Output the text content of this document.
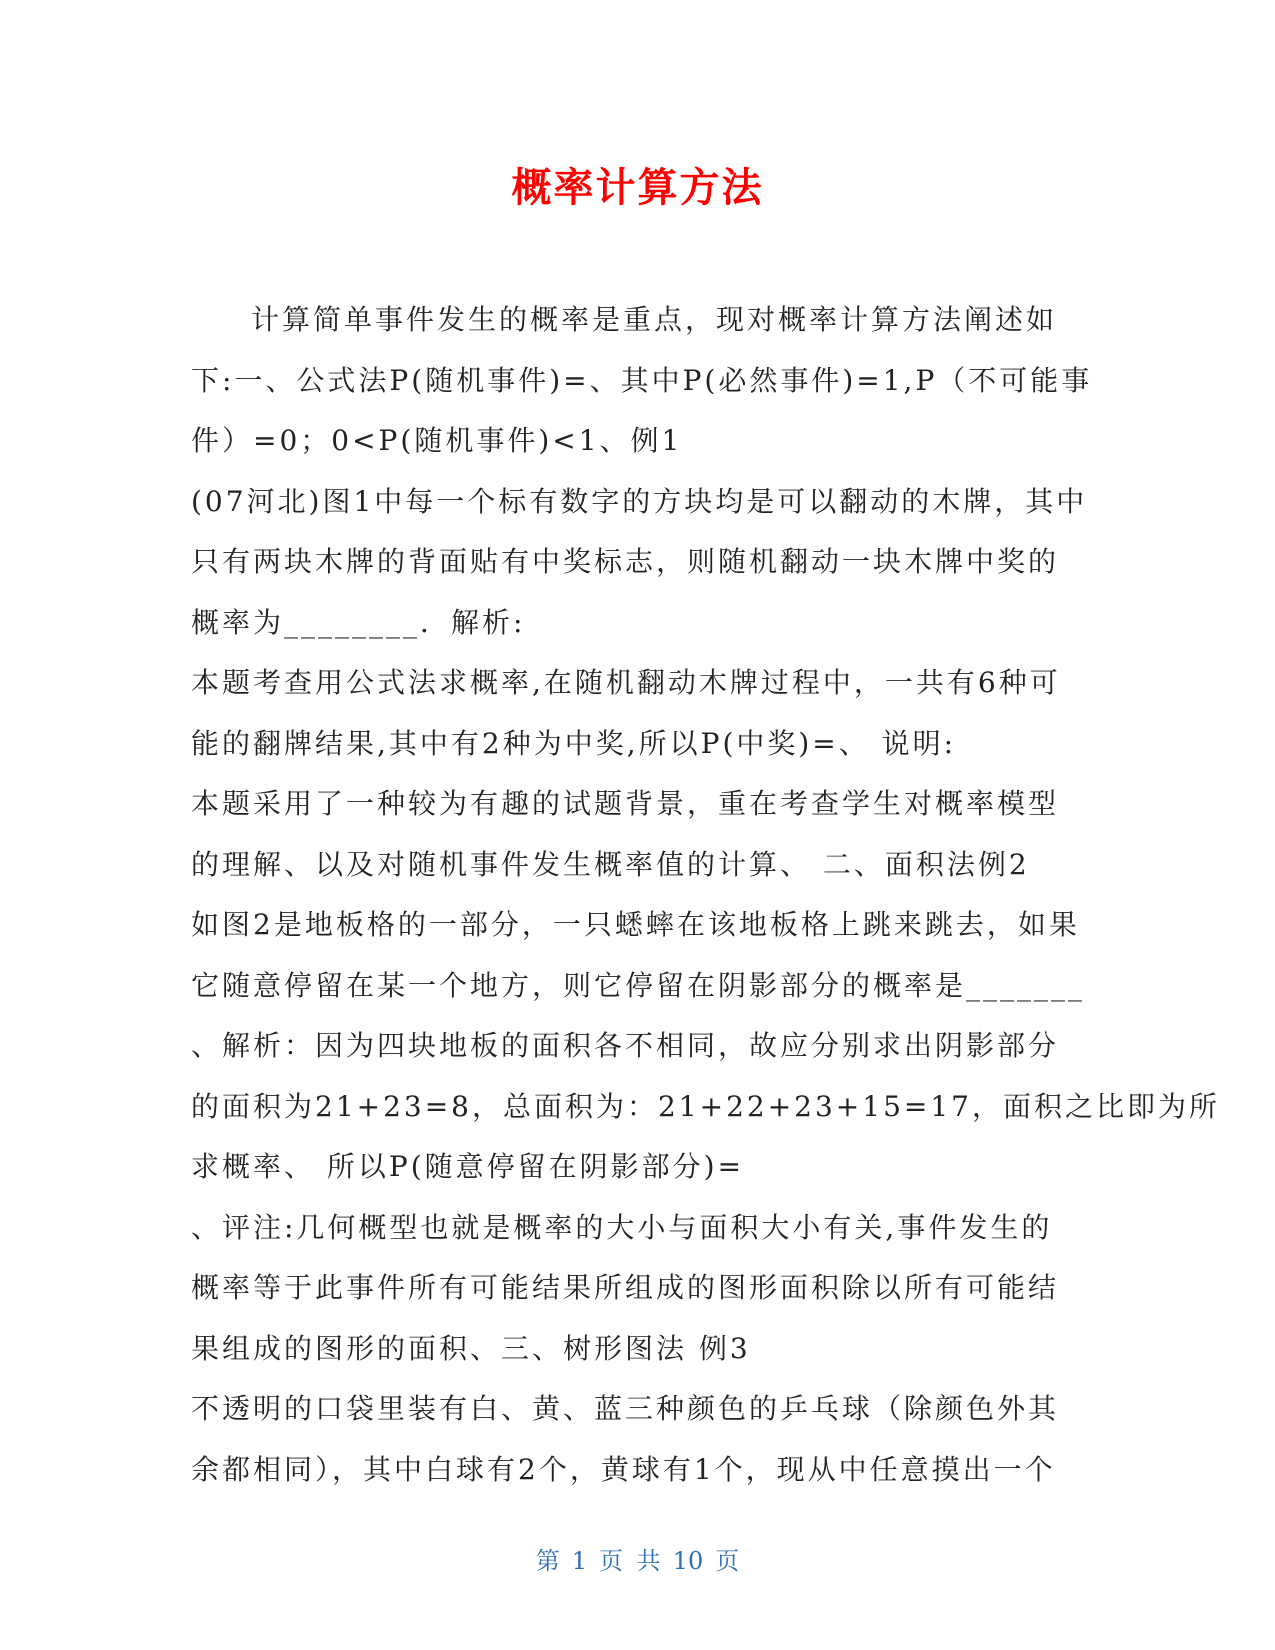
概率计算方法
计算简单事件发生的概率是重点，现对概率计算方法阐述如
下:一、公式法P(随机事件)=、其中P(必然事件)=1,P（不可能事
件）=0；0<P(随机事件)<1、例1
(07河北)图1中每一个标有数字的方块均是可以翻动的木牌，其中
只有两块木牌的背面贴有中奖标志，则随机翻动一块木牌中奖的
概率为________．解析:
本题考查用公式法求概率,在随机翻动木牌过程中，一共有6种可
能的翻牌结果,其中有2种为中奖,所以P(中奖)=、 说明:
本题采用了一种较为有趣的试题背景，重在考查学生对概率模型
的理解、以及对随机事件发生概率值的计算、 二、面积法例2
如图2是地板格的一部分，一只蟋蟀在该地板格上跳来跳去，如果
它随意停留在某一个地方，则它停留在阴影部分的概率是_______
、解析：因为四块地板的面积各不相同，故应分别求出阴影部分
的面积为21+23=8，总面积为：21+22+23+15=17，面积之比即为所
求概率、 所以P(随意停留在阴影部分)=
、评注:几何概型也就是概率的大小与面积大小有关,事件发生的
概率等于此事件所有可能结果所组成的图形面积除以所有可能结
果组成的图形的面积、三、树形图法 例3
不透明的口袋里装有白、黄、蓝三种颜色的乒乓球（除颜色外其
余都相同），其中白球有2个，黄球有1个，现从中任意摸出一个
第 1 页 共 10 页
